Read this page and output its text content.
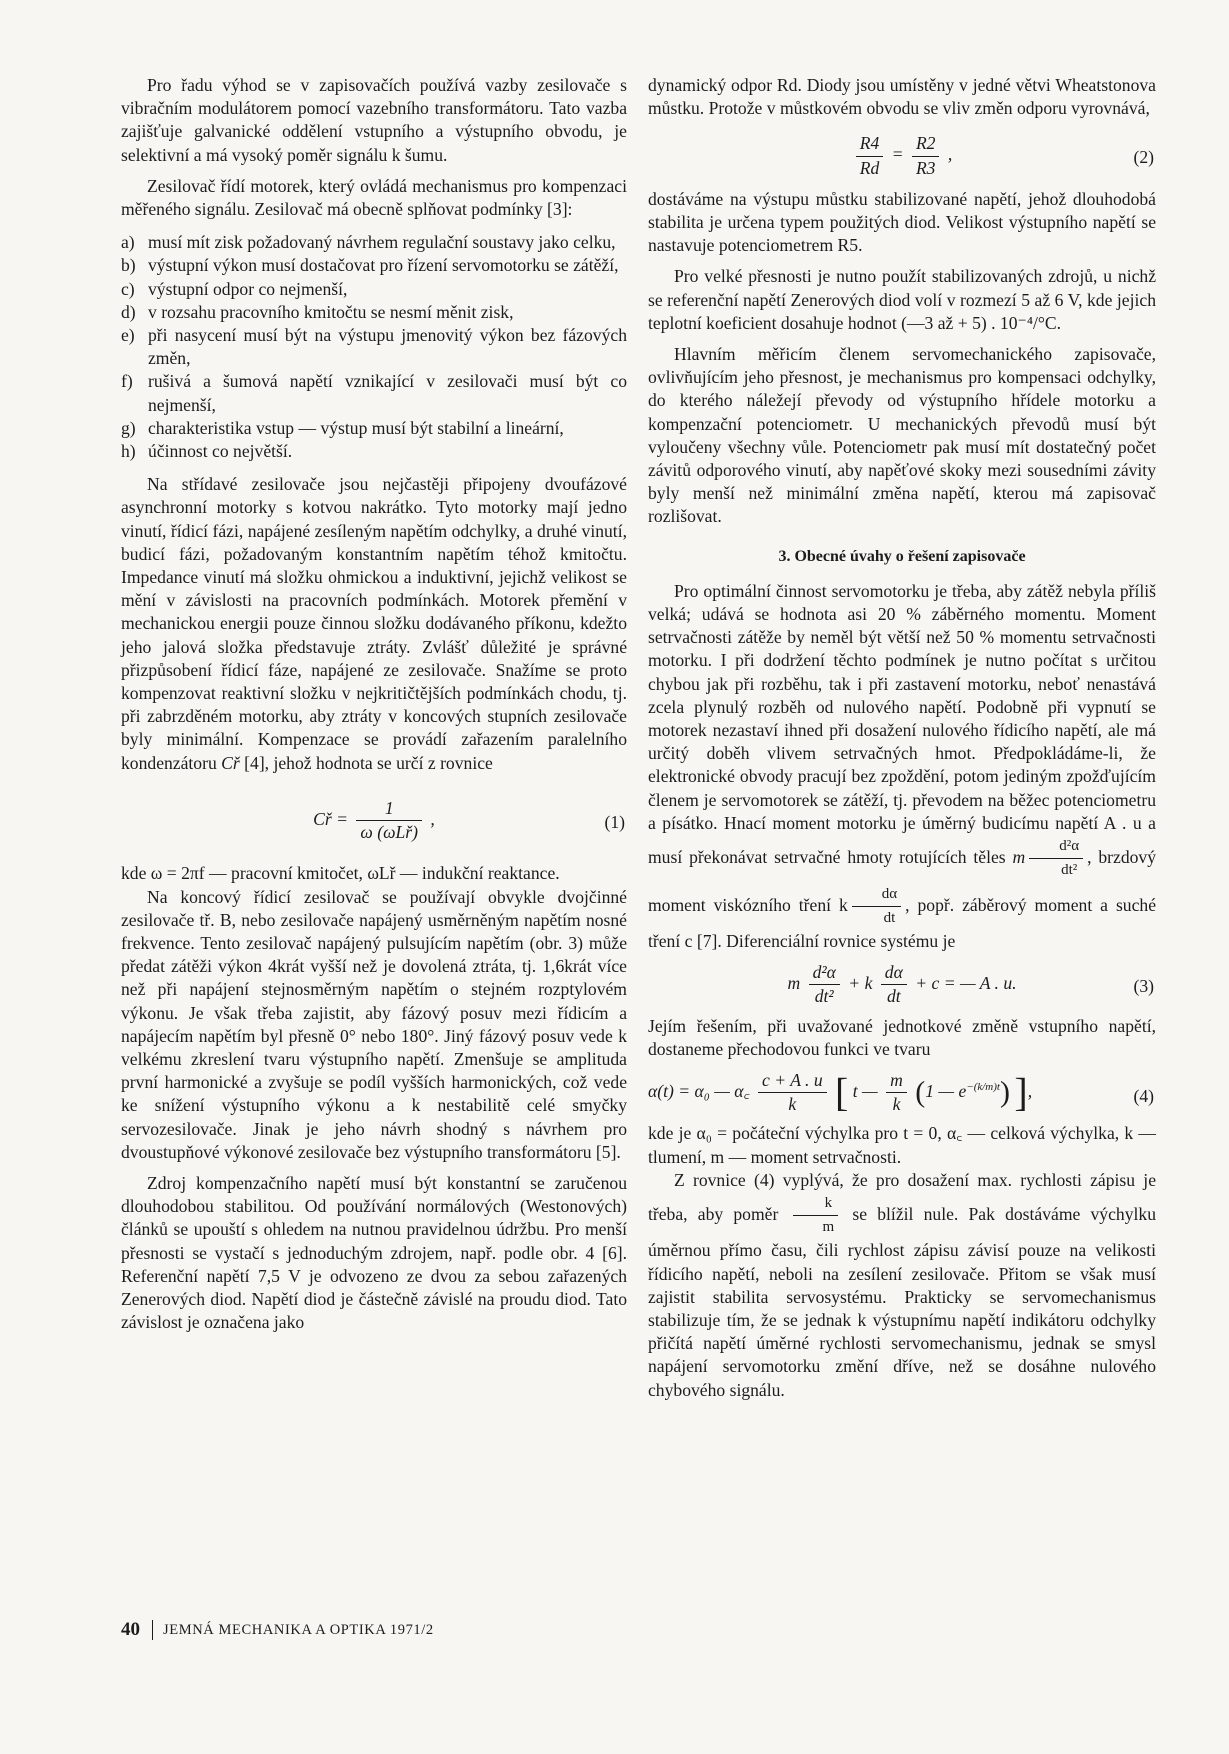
Pro řadu výhod se v zapisovačích používá vazby zesilovače s vibračním modulátorem pomocí vazebního transformátoru. Tato vazba zajišťuje galvanické oddělení vstupního a výstupního obvodu, je selektivní a má vysoký poměr signálu k šumu.

Zesilovač řídí motorek, který ovládá mechanismus pro kompenzaci měřeného signálu. Zesilovač má obecně splňovat podmínky [3]:

a) musí mít zisk požadovaný návrhem regulační soustavy jako celku,
b) výstupní výkon musí dostačovat pro řízení servomotorku se zátěží,
c) výstupní odpor co nejmenší,
d) v rozsahu pracovního kmitočtu se nesmí měnit zisk,
e) při nasycení musí být na výstupu jmenovitý výkon bez fázových změn,
f) rušivá a šumová napětí vznikající v zesilovači musí být co nejmenší,
g) charakteristika vstup — výstup musí být stabilní a lineární,
h) účinnost co největší.

Na střídavé zesilovače jsou nejčastěji připojeny dvoufázové asynchronní motorky s kotvou nakrátko. Tyto motorky mají jedno vinutí, řídicí fázi, napájené zesíleným napětím odchylky, a druhé vinutí, budicí fázi, požadovaným konstantním napětím téhož kmitočtu. Impedance vinutí má složku ohmickou a induktivní, jejichž velikost se mění v závislosti na pracovních podmínkách. Motorek přemění v mechanickou energii pouze činnou složku dodávaného příkonu, kdežto jeho jalová složka představuje ztráty. Zvlášť důležité je správné přizpůsobení řídicí fáze, napájené ze zesilovače. Snažíme se proto kompenzovat reaktivní složku v nejkritičtějších podmínkách chodu, tj. při zabrzděném motorku, aby ztráty v koncových stupních zesilovače byly minimální. Kompenzace se provádí zařazením paralelního kondenzátoru Cř [4], jehož hodnota se určí z rovnice

Cř = $\frac{1}{\text{ω (ωLř)}}$ ,	(1)

kde ω = 2πf — pracovní kmitočet, ωLř — indukční reaktance.

Na koncový řídicí zesilovač se používají obvykle dvojčinné zesilovače tř. B, nebo zesilovače napájený usměrněným napětím nosné frekvence. Tento zesilovač napájený pulsujícím napětím (obr. 3) může předat zátěži výkon 4krát vyšší než je dovolená ztráta, tj. 1,6krát více než při napájení stejnosměrným napětím o stejném rozptylovém výkonu. Je však třeba zajistit, aby fázový posuv mezi řídicím a napájecím napětím byl přesně 0° nebo 180°. Jiný fázový posuv vede k velkému zkreslení tvaru výstupního napětí. Zmenšuje se amplituda první harmonické a zvyšuje se podíl vyšších harmonických, což vede ke snížení výstupního výkonu a k nestabilitě celé smyčky servozesilovače. Jinak je jeho návrh shodný s návrhem pro dvoustupňové výkonové zesilovače bez výstupního transformátoru [5].

Zdroj kompenzačního napětí musí být konstantní se zaručenou dlouhodobou stabilitou. Od používání normálových (Westonových) článků se upouští s ohledem na nutnou pravidelnou údržbu. Pro menší přesnosti se vystačí s jednoduchým zdrojem, např. podle obr. 4 [6]. Referenční napětí 7,5 V je odvozeno ze dvou za sebou zařazených Zenerových diod. Napětí diod je částečně závislé na proudu diod. Tato závislost je označena jako

dynamický odpor Rd. Diody jsou umístěny v jedné větvi Wheatstonova můstku. Protože v můstkovém obvodu se vliv změn odporu vyrovnává,

$\frac{R4}{Rd} = \frac{R2}{R3}$ ,	(2)

dostáváme na výstupu můstku stabilizované napětí, jehož dlouhodobá stabilita je určena typem použitých diod. Velikost výstupního napětí se nastavuje potenciometrem R5.

Pro velké přesnosti je nutno použít stabilizovaných zdrojů, u nichž se referenční napětí Zenerových diod volí v rozmezí 5 až 6 V, kde jejich teplotní koeficient dosahuje hodnot (—3 až + 5) . 10⁻⁴/°C.

Hlavním měřicím členem servomechanického zapisovače, ovlivňujícím jeho přesnost, je mechanismus pro kompensaci odchylky, do kterého náležejí převody od výstupního hřídele motorku a kompenzační potenciometr. U mechanických převodů musí být vyloučeny všechny vůle. Potenciometr pak musí mít dostatečný počet závitů odporového vinutí, aby napěťové skoky mezi sousedními závity byly menší než minimální změna napětí, kterou má zapisovač rozlišovat.

3. Obecné úvahy o řešení zapisovače

Pro optimální činnost servomotorku je třeba, aby zátěž nebyla příliš velká; udává se hodnota asi 20 % záběrného momentu. Moment setrvačnosti zátěže by neměl být větší než 50 % momentu setrvačnosti motorku. I při dodržení těchto podmínek je nutno počítat s určitou chybou jak při rozběhu, tak i při zastavení motorku, neboť nenastává zcela plynulý rozběh od nulového napětí. Podobně při vypnutí se motorek nezastaví ihned při dosažení nulového řídicího napětí, ale má určitý doběh vlivem setrvačných hmot. Předpokládáme-li, že elektronické obvody pracují bez zpoždění, potom jediným zpožďujícím členem je servomotorek se zátěží, tj. převodem na běžec potenciometru a písátko. Hnací moment motorku je úměrný budicímu napětí A . u a musí překonávat setrvačné hmoty rotujících těles m $\frac{\text{d²α}}{\text{dt²}}$ , brzdový moment viskózního tření k $\frac{d\alpha}{dt}$ , popř. záběrový moment a suché tření c [7]. Diferenciální rovnice systému je

m $\frac{\text{d²α}}{\text{dt²}} + k \frac{d\alpha}{dt} + c$ = — A . u.	(3)

Jejím řešením, při uvažované jednotkové změně vstupního napětí, dostaneme přechodovou funkci ve tvaru

α(t) = α₀ — α꜀ $\frac{c + A . u}{k}$ [ t — $\frac{m}{k} (1$ — $e^{-(k/m)t}$) ],	(4)

kde je α₀ = počáteční výchylka pro t = 0, α꜀ — celková výchylka, k — tlumení, m — moment setrvačnosti.

Z rovnice (4) vyplývá, že pro dosažení max. rychlosti zápisu je třeba, aby poměr $\frac{k}{m}$ se blížil nule. Pak dostáváme výchylku úměrnou přímo času, čili rychlost zápisu závisí pouze na velikosti řídicího napětí, neboli na zesílení zesilovače. Přitom se však musí zajistit stabilita servosystému. Prakticky se servomechanismus stabilizuje tím, že se jednak k výstupnímu napětí indikátoru odchylky přičítá napětí úměrné rychlosti servomechanismu, jednak se smysl napájení servomotorku změní dříve, než se dosáhne nulového chybového signálu.

40 JEMNÁ MECHANIKA A OPTIKA 1971/2
